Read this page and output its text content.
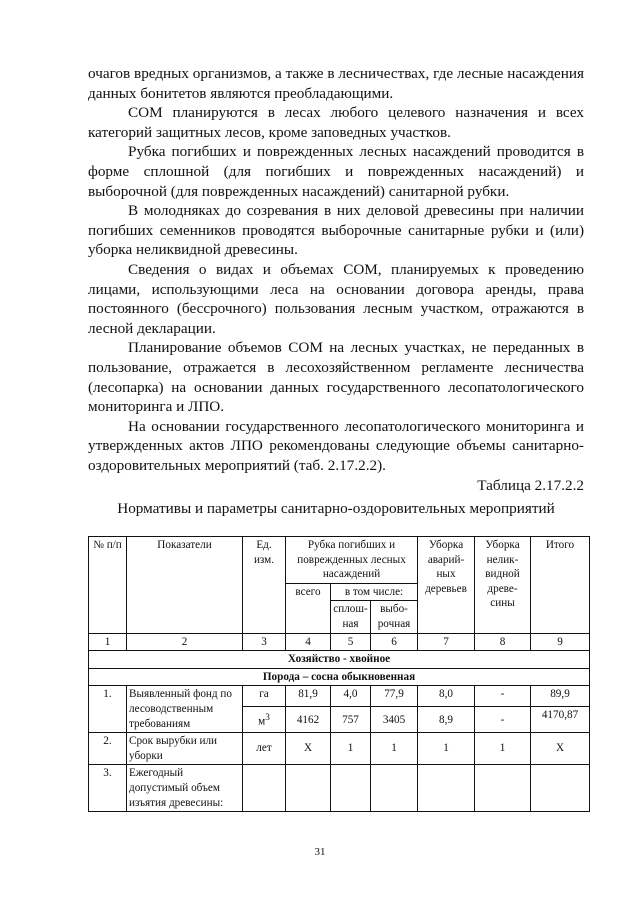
очагов вредных организмов, а также в лесничествах, где лесные насаждения данных бонитетов являются преобладающими.

СОМ планируются в лесах любого целевого назначения и всех категорий защитных лесов, кроме заповедных участков.

Рубка погибших и поврежденных лесных насаждений проводится в форме сплошной (для погибших и поврежденных насаждений) и выборочной (для поврежденных насаждений) санитарной рубки.

В молодняках до созревания в них деловой древесины при наличии погибших семенников проводятся выборочные санитарные рубки и (или) уборка неликвидной древесины.

Сведения о видах и объемах СОМ, планируемых к проведению лицами, использующими леса на основании договора аренды, права постоянного (бессрочного) пользования лесным участком, отражаются в лесной декларации.

Планирование объемов СОМ на лесных участках, не переданных в пользование, отражается в лесохозяйственном регламенте лесничества (лесопарка) на основании данных государственного лесопатологического мониторинга и ЛПО.

На основании государственного лесопатологического мониторинга и утвержденных актов ЛПО рекомендованы следующие объемы санитарно-оздоровительных мероприятий (таб. 2.17.2.2).

Таблица 2.17.2.2

Нормативы и параметры санитарно-оздоровительных мероприятий

№ п/п	Показатели	Ед. изм.	Рубка погибших и поврежденных лесных насаждений			Уборка аварий-ных деревьев	Уборка нелик-видной древе-сины	Итого
			всего	в том числе:				
				сплош-ная	выбо-рочная			
1	2	3	4	5	6	7	8	9
Хозяйство - хвойное								
Порода – сосна обыкновенная								
1.	Выявленный фонд по лесоводственным требованиям	га	81,9	4,0	77,9	8,0	-	89,9
		$м^3$	4162	757	3405	8,9	-	4170,87
2.	Срок вырубки или уборки	лет	Х	1	1	1	1	Х
3.	Ежегодный допустимый объем изъятия древесины:							
31
